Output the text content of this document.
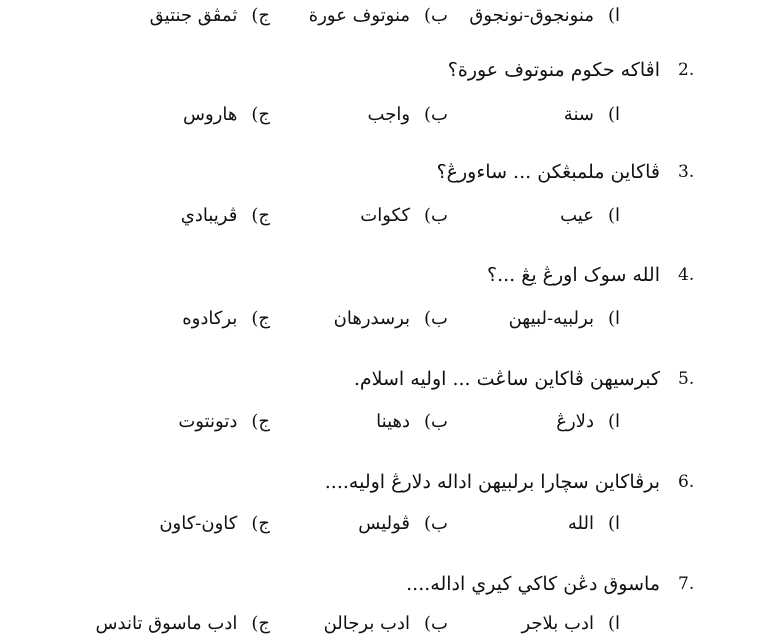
ا)منونجوق-نونجوق
ب)منوتوف عورة
ج)ثمڤق جنتيق
2.
اڤاكه حكوم منوتوف عورة؟
ا)سنة
ب)واجب
ج)هاروس
3.
ڤاكاين ملمبڠكن ... ساءورڠ؟
ا)عيب
ب)ككوات
ج)ڤريبادي
4.
الله سوک اورڠ يڠ ...؟
ا)برلبيه-لبيهن
ب)برسدرهان
ج)برکادوه
5.
کبرسيهن ڤاکاين ساڠت ... اوليه اسلام.
ا)دلارڠ
ب)دهينا
ج)دتونتوت
6.
برڤاکاين سچارا برلبيهن اداله دلارڠ اوليه....
ا)الله
ب)ڤوليس
ج)کاون-کاون
7.
ماسوق دڠن کاکي کيري اداله....
ا)ادب بلاجر
ب)ادب برجالن
ج)ادب ماسوق تاندس
